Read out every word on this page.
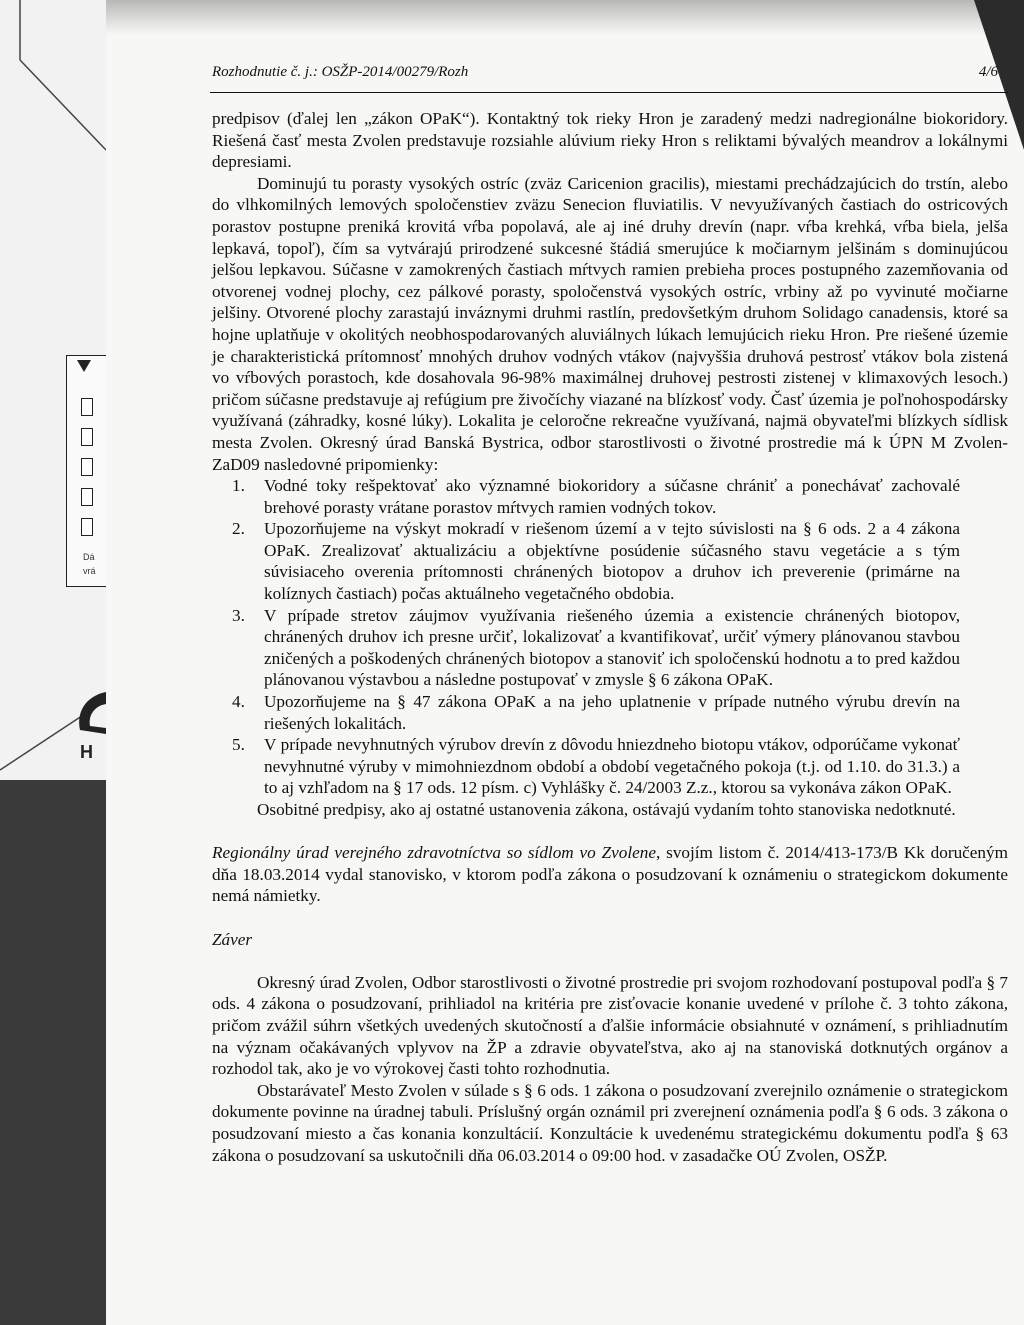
Dá
vrá
H
Rozhodnutie č. j.: OSŽP-2014/00279/Rozh	4/6

predpisov (ďalej len „zákon OPaK“). Kontaktný tok rieky Hron je zaradený medzi nadregionálne biokoridory. Riešená časť mesta Zvolen predstavuje rozsiahle alúvium rieky Hron s reliktami bývalých meandrov a lokálnymi depresiami.

Dominujú tu porasty vysokých ostríc (zväz Caricenion gracilis), miestami prechádzajúcich do trstín, alebo do vlhkomilných lemových spoločenstiev zväzu Senecion fluviatilis. V nevyužívaných častiach do ostricových porastov postupne preniká krovitá vŕba popolavá, ale aj iné druhy drevín (napr. vŕba krehká, vŕba biela, jelša lepkavá, topoľ), čím sa vytvárajú prirodzené sukcesné štádiá smerujúce k močiarnym jelšinám s dominujúcou jelšou lepkavou. Súčasne v zamokrených častiach mŕtvych ramien prebieha proces postupného zazemňovania od otvorenej vodnej plochy, cez pálkové porasty, spoločenstvá vysokých ostríc, vrbiny až po vyvinuté močiarne jelšiny. Otvorené plochy zarastajú inváznymi druhmi rastlín, predovšetkým druhom Solidago canadensis, ktoré sa hojne uplatňuje v okolitých neobhospodarovaných aluviálnych lúkach lemujúcich rieku Hron. Pre riešené územie je charakteristická prítomnosť mnohých druhov vodných vtákov (najvyššia druhová pestrosť vtákov bola zistená vo vŕbových porastoch, kde dosahovala 96-98% maximálnej druhovej pestrosti zistenej v klimaxových lesoch.) pričom súčasne predstavuje aj refúgium pre živočíchy viazané na blízkosť vody. Časť územia je poľnohospodársky využívaná (záhradky, kosné lúky). Lokalita je celoročne rekreačne využívaná, najmä obyvateľmi blízkych sídlisk mesta Zvolen. Okresný úrad Banská Bystrica, odbor starostlivosti o životné prostredie má k ÚPN M Zvolen- ZaD09 nasledovné pripomienky:

1. Vodné toky rešpektovať ako významné biokoridory a súčasne chrániť a ponechávať zachovalé brehové porasty vrátane porastov mŕtvych ramien vodných tokov.
2. Upozorňujeme na výskyt mokradí v riešenom území a v tejto súvislosti na § 6 ods. 2 a 4 zákona OPaK. Zrealizovať aktualizáciu a objektívne posúdenie súčasného stavu vegetácie a s tým súvisiaceho overenia prítomnosti chránených biotopov a druhov ich preverenie (primárne na kolíznych častiach) počas aktuálneho vegetačného obdobia.
3. V prípade stretov záujmov využívania riešeného územia a existencie chránených biotopov, chránených druhov ich presne určiť, lokalizovať a kvantifikovať, určiť výmery plánovanou stavbou zničených a poškodených chránených biotopov a stanoviť ich spoločenskú hodnotu a to pred každou plánovanou výstavbou a následne postupovať v zmysle § 6 zákona OPaK.
4. Upozorňujeme na § 47 zákona OPaK a na jeho uplatnenie v prípade nutného výrubu drevín na riešených lokalitách.
5. V prípade nevyhnutných výrubov drevín z dôvodu hniezdneho biotopu vtákov, odporúčame vykonať nevyhnutné výruby v mimohniezdnom období a období vegetačného pokoja (t.j. od 1.10. do 31.3.) a to aj vzhľadom na § 17 ods. 12 písm. c) Vyhlášky č. 24/2003 Z.z., ktorou sa vykonáva zákon OPaK.

Osobitné predpisy, ako aj ostatné ustanovenia zákona, ostávajú vydaním tohto stanoviska nedotknuté.

Regionálny úrad verejného zdravotníctva so sídlom vo Zvolene, svojím listom č. 2014/413-173/B Kk doručeným dňa 18.03.2014 vydal stanovisko, v ktorom podľa zákona o posudzovaní k oznámeniu o strategickom dokumente nemá námietky.

Záver

Okresný úrad Zvolen, Odbor starostlivosti o životné prostredie pri svojom rozhodovaní postupoval podľa § 7 ods. 4 zákona o posudzovaní, prihliadol na kritéria pre zisťovacie konanie uvedené v prílohe č. 3 tohto zákona, pričom zvážil súhrn všetkých uvedených skutočností a ďalšie informácie obsiahnuté v oznámení, s prihliadnutím na význam očakávaných vplyvov na ŽP a zdravie obyvateľstva, ako aj na stanoviská dotknutých orgánov a rozhodol tak, ako je vo výrokovej časti tohto rozhodnutia.

Obstarávateľ Mesto Zvolen v súlade s § 6 ods. 1 zákona o posudzovaní zverejnilo oznámenie o strategickom dokumente povinne na úradnej tabuli. Príslušný orgán oznámil pri zverejnení oznámenia podľa § 6 ods. 3 zákona o posudzovaní miesto a čas konania konzultácií. Konzultácie k uvedenému strategickému dokumentu podľa § 63 zákona o posudzovaní sa uskutočnili dňa 06.03.2014 o 09:00 hod. v zasadačke OÚ Zvolen, OSŽP.
